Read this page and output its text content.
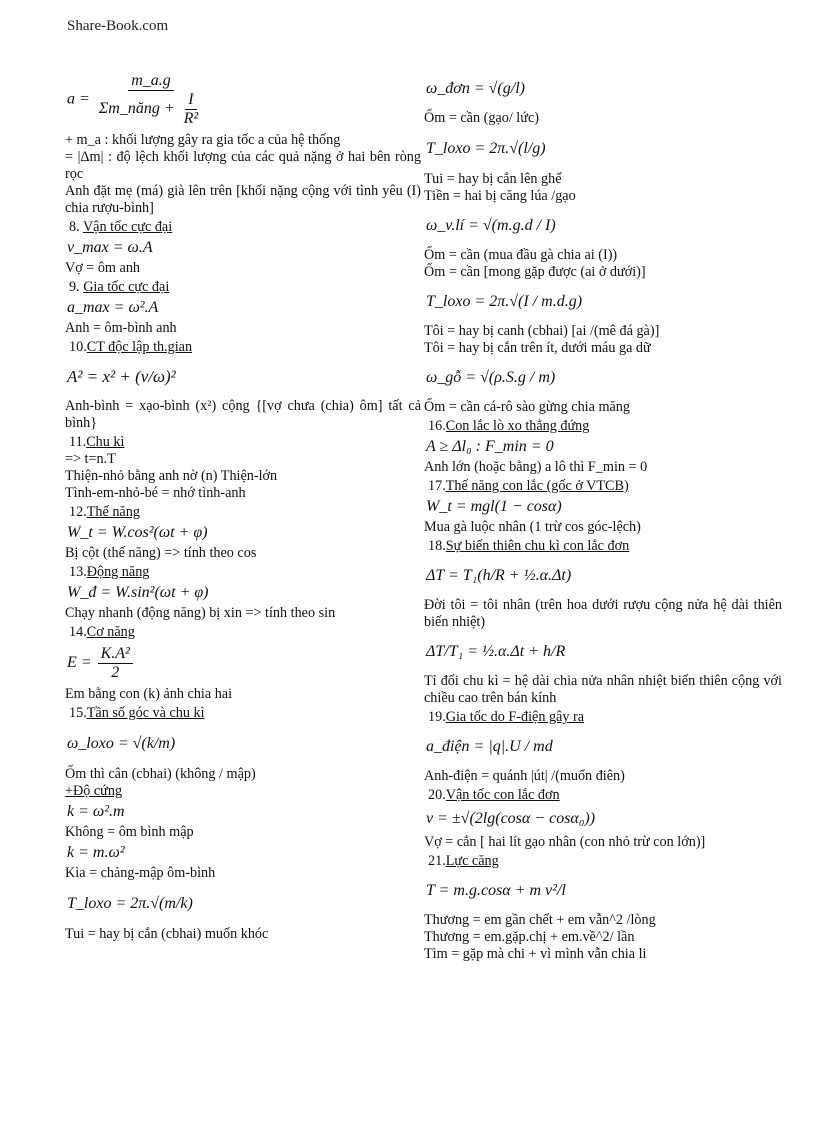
Share-Book.com
$a = \frac{m\_a.g}{\Sigma m\_năng + \frac{I}{\text{R²}}}$

+ m_a : khối lượng gây ra gia tốc a của hệ thống

= |Δm| : độ lệch khối lượng của các quả nặng ở hai bên ròng rọc

Anh đặt mẹ (má) già lên trên [khối nặng cộng với tình yêu (I) chia rượu-bình]

8. Vận tốc cực đại
v_max = ω.A

Vợ = ôm anh

9. Gia tốc cực đại
a_max = ω².A

Anh = ôm-bình anh

10.CT độc lập th.gian
A² = x² + (v/ω)²

Anh-bình = xạo-bình (x²) cộng {[vợ chưa (chia) ôm] tất cả bình}

11.Chu kì

=> t=n.T

Thiện-nhỏ bằng anh nờ (n) Thiện-lớn

Tình-em-nhỏ-bé = nhớ tình-anh

12.Thế năng
W_t = W.cos²(ωt + φ)

Bị cột (thế năng) => tính theo cos

13.Động năng
W_đ = W.sin²(ωt + φ)

Chạy nhanh (động năng) bị xin => tính theo sin

14.Cơ năng
$E = \frac{\text{K.A²}}{2}$

Em bằng con (k) ảnh chia hai

15.Tần số góc và chu kì
ω_loxo = √(k/m)

Ốm thì cân (cbhai) (không / mập)

+Độ cứng

k = ω².m

Không = ôm bình mập

k = m.ω²

Kìa = chảng-mập ôm-bình

T_loxo = 2π.√(m/k)

Tui = hay bị cắn (cbhai) muốn khóc

ω_đơn = √(g/l)

Ốm = cần (gạo/ lức)

T_loxo = 2π.√(l/g)

Tui = hay bị cắn lên ghế

Tiền = hai bị căng lúa /gạo

ω_v.lí = √(m.g.d / I)

Ốm = cần (mua đầu gà chia ai (I))

Ốm = cần [mong gặp được (ai ở dưới)]

T_loxo = 2π.√(I / m.d.g)

Tôi = hay bị canh (cbhai) [ai /(mê đá gà)]

Tôi = hay bị cắn trên ít, dưới máu ga dữ

ω_gỗ = √(ρ.S.g / m)

Ốm = cần cá-rô sào gừng chia măng

16.Con lắc lò xo thẳng đứng
A ≥ Δl₀ : F_min = 0

Anh lớn (hoặc bằng) a lô thì F_min = 0

17.Thế năng con lắc (gốc ở VTCB)
W_t = mgl(1 − cosα)

Mua gà luộc nhân (1 trừ cos góc-lệch)

18.Sự biến thiên chu kì con lắc đơn
ΔT = T₁(h/R + ½.α.Δt)

Đời tôi = tôi nhân (trên hoa dưới rượu cộng nửa hệ dài thiên biến nhiệt)

ΔT/T₁ = ½.α.Δt + h/R

Tỉ đối chu kì = hệ dài chia nửa nhân nhiệt biến thiên cộng với chiều cao trên bán kính

19.Gia tốc do F-điện gây ra
a_điện = |q|.U / md

Anh-điện = quánh |út| /(muốn điên)

20.Vận tốc con lắc đơn
v = ±√(2lg(cosα − cosα₀))

Vợ = cắn [ hai lít gạo nhân (con nhỏ trừ con lớn)]

21.Lực căng
T = m.g.cosα + m v²/l

Thương = em gần chết + em vẫn^2 /lòng

Thương = em.gặp.chị + em.về^2/ lần

Tìm = gặp mà chi + vì mình vẫn chia li
